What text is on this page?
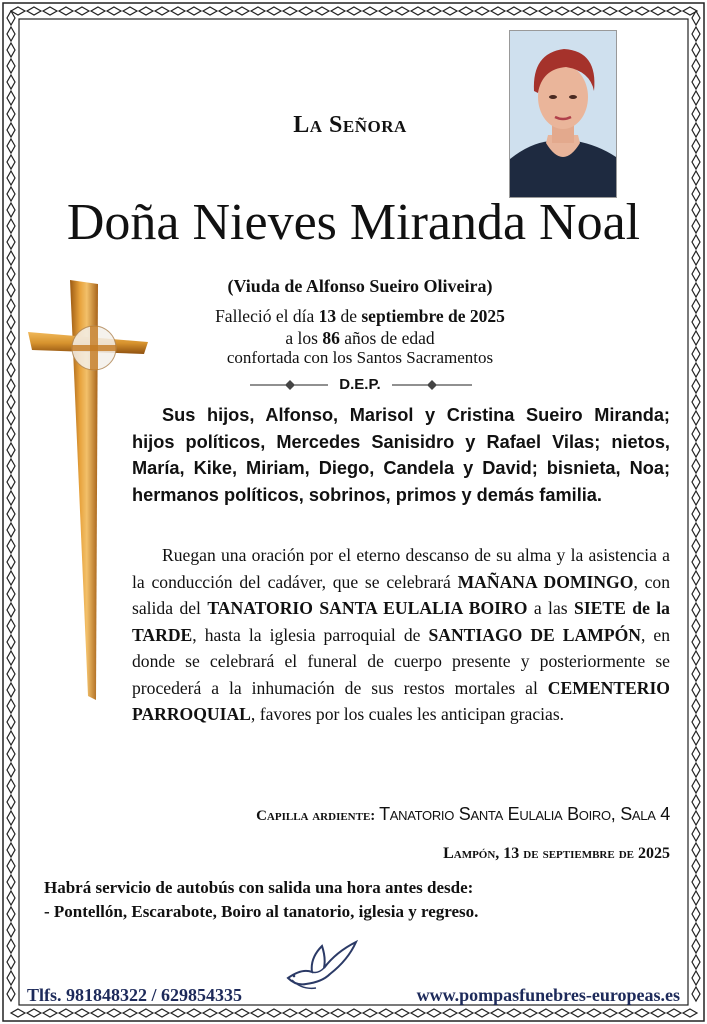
La Señora
Doña Nieves Miranda Noal
(Viuda de Alfonso Sueiro Oliveira)
Falleció el día 13 de septiembre de 2025
a los 86 años de edad
confortada con los Santos Sacramentos
D.E.P.
Sus hijos, Alfonso, Marisol y Cristina Sueiro Miranda; hijos políticos, Mercedes Sanisidro y Rafael Vilas; nietos, María, Kike, Miriam, Diego, Candela y David; bisnieta, Noa; hermanos políticos, sobrinos, primos y demás familia.
Ruegan una oración por el eterno descanso de su alma y la asistencia a la conducción del cadáver, que se celebrará MAÑANA DOMINGO, con salida del TANATORIO SANTA EULALIA BOIRO a las SIETE de la TARDE, hasta la iglesia parroquial de SANTIAGO DE LAMPÓN, en donde se celebrará el funeral de cuerpo presente y posteriormente se procederá a la inhumación de sus restos mortales al CEMENTERIO PARROQUIAL, favores por los cuales les anticipan gracias.
Capilla ardiente: Tanatorio Santa Eulalia Boiro, Sala 4
Lampón, 13 de septiembre de 2025
Habrá servicio de autobús con salida una hora antes desde:
- Pontellón, Escarabote, Boiro al tanatorio, iglesia y regreso.
Tlfs. 981848322 / 629854335	www.pompasfunebres-europeas.es
